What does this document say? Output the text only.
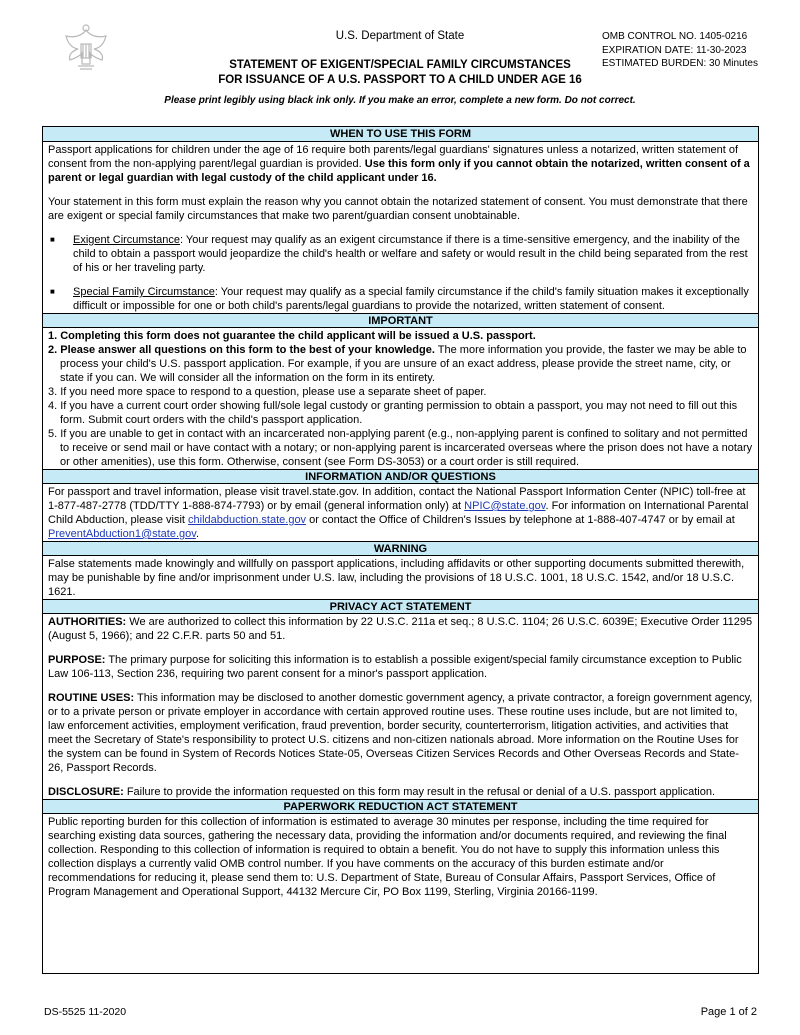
U.S. Department of State	OMB CONTROL NO. 1405-0216
EXPIRATION DATE: 11-30-2023
ESTIMATED BURDEN: 30 Minutes
STATEMENT OF EXIGENT/SPECIAL FAMILY CIRCUMSTANCES
FOR ISSUANCE OF A U.S. PASSPORT TO A CHILD UNDER AGE 16
Please print legibly using black ink only. If you make an error, complete a new form. Do not correct.
WHEN TO USE THIS FORM
Passport applications for children under the age of 16 require both parents/legal guardians' signatures unless a notarized, written statement of consent from the non-applying parent/legal guardian is provided. Use this form only if you cannot obtain the notarized, written consent of a parent or legal guardian with legal custody of the child applicant under 16.
Your statement in this form must explain the reason why you cannot obtain the notarized statement of consent. You must demonstrate that there are exigent or special family circumstances that make two parent/guardian consent unobtainable.
■	Exigent Circumstance: Your request may qualify as an exigent circumstance if there is a time-sensitive emergency, and the inability of the child to obtain a passport would jeopardize the child's health or welfare and safety or would result in the child being separated from the rest of his or her traveling party.
■	Special Family Circumstance: Your request may qualify as a special family circumstance if the child's family situation makes it exceptionally difficult or impossible for one or both child's parents/legal guardians to provide the notarized, written statement of consent.
IMPORTANT
1. Completing this form does not guarantee the child applicant will be issued a U.S. passport.
2. Please answer all questions on this form to the best of your knowledge. The more information you provide, the faster we may be able to process your child's U.S. passport application. For example, if you are unsure of an exact address, please provide the street name, city, or state if you can. We will consider all the information on the form in its entirety.
3. If you need more space to respond to a question, please use a separate sheet of paper.
4. If you have a current court order showing full/sole legal custody or granting permission to obtain a passport, you may not need to fill out this form. Submit court orders with the child's passport application.
5. If you are unable to get in contact with an incarcerated non-applying parent (e.g., non-applying parent is confined to solitary and not permitted to receive or send mail or have contact with a notary; or non-applying parent is incarcerated overseas where the prison does not have a notary or other amenities), use this form. Otherwise, consent (see Form DS-3053) or a court order is still required.
INFORMATION AND/OR QUESTIONS
For passport and travel information, please visit travel.state.gov. In addition, contact the National Passport Information Center (NPIC) toll-free at 1-877-487-2778 (TDD/TTY 1-888-874-7793) or by email (general information only) at NPIC@state.gov. For information on International Parental Child Abduction, please visit childabduction.state.gov or contact the Office of Children's Issues by telephone at 1-888-407-4747 or by email at PreventAbduction1@state.gov.
WARNING
False statements made knowingly and willfully on passport applications, including affidavits or other supporting documents submitted therewith, may be punishable by fine and/or imprisonment under U.S. law, including the provisions of 18 U.S.C. 1001, 18 U.S.C. 1542, and/or 18 U.S.C. 1621.
PRIVACY ACT STATEMENT
AUTHORITIES: We are authorized to collect this information by 22 U.S.C. 211a et seq.; 8 U.S.C. 1104; 26 U.S.C. 6039E; Executive Order 11295 (August 5, 1966); and 22 C.F.R. parts 50 and 51.
PURPOSE: The primary purpose for soliciting this information is to establish a possible exigent/special family circumstance exception to Public Law 106-113, Section 236, requiring two parent consent for a minor's passport application.
ROUTINE USES: This information may be disclosed to another domestic government agency, a private contractor, a foreign government agency, or to a private person or private employer in accordance with certain approved routine uses. These routine uses include, but are not limited to, law enforcement activities, employment verification, fraud prevention, border security, counterterrorism, litigation activities, and activities that meet the Secretary of State's responsibility to protect U.S. citizens and non-citizen nationals abroad. More information on the Routine Uses for the system can be found in System of Records Notices State-05, Overseas Citizen Services Records and Other Overseas Records and State-26, Passport Records.
DISCLOSURE: Failure to provide the information requested on this form may result in the refusal or denial of a U.S. passport application.
PAPERWORK REDUCTION ACT STATEMENT
Public reporting burden for this collection of information is estimated to average 30 minutes per response, including the time required for searching existing data sources, gathering the necessary data, providing the information and/or documents required, and reviewing the final collection. Responding to this collection of information is required to obtain a benefit. You do not have to supply this information unless this collection displays a currently valid OMB control number. If you have comments on the accuracy of this burden estimate and/or recommendations for reducing it, please send them to: U.S. Department of State, Bureau of Consular Affairs, Passport Services, Office of Program Management and Operational Support, 44132 Mercure Cir, PO Box 1199, Sterling, Virginia 20166-1199.
DS-5525 11-2020	Page 1 of 2
